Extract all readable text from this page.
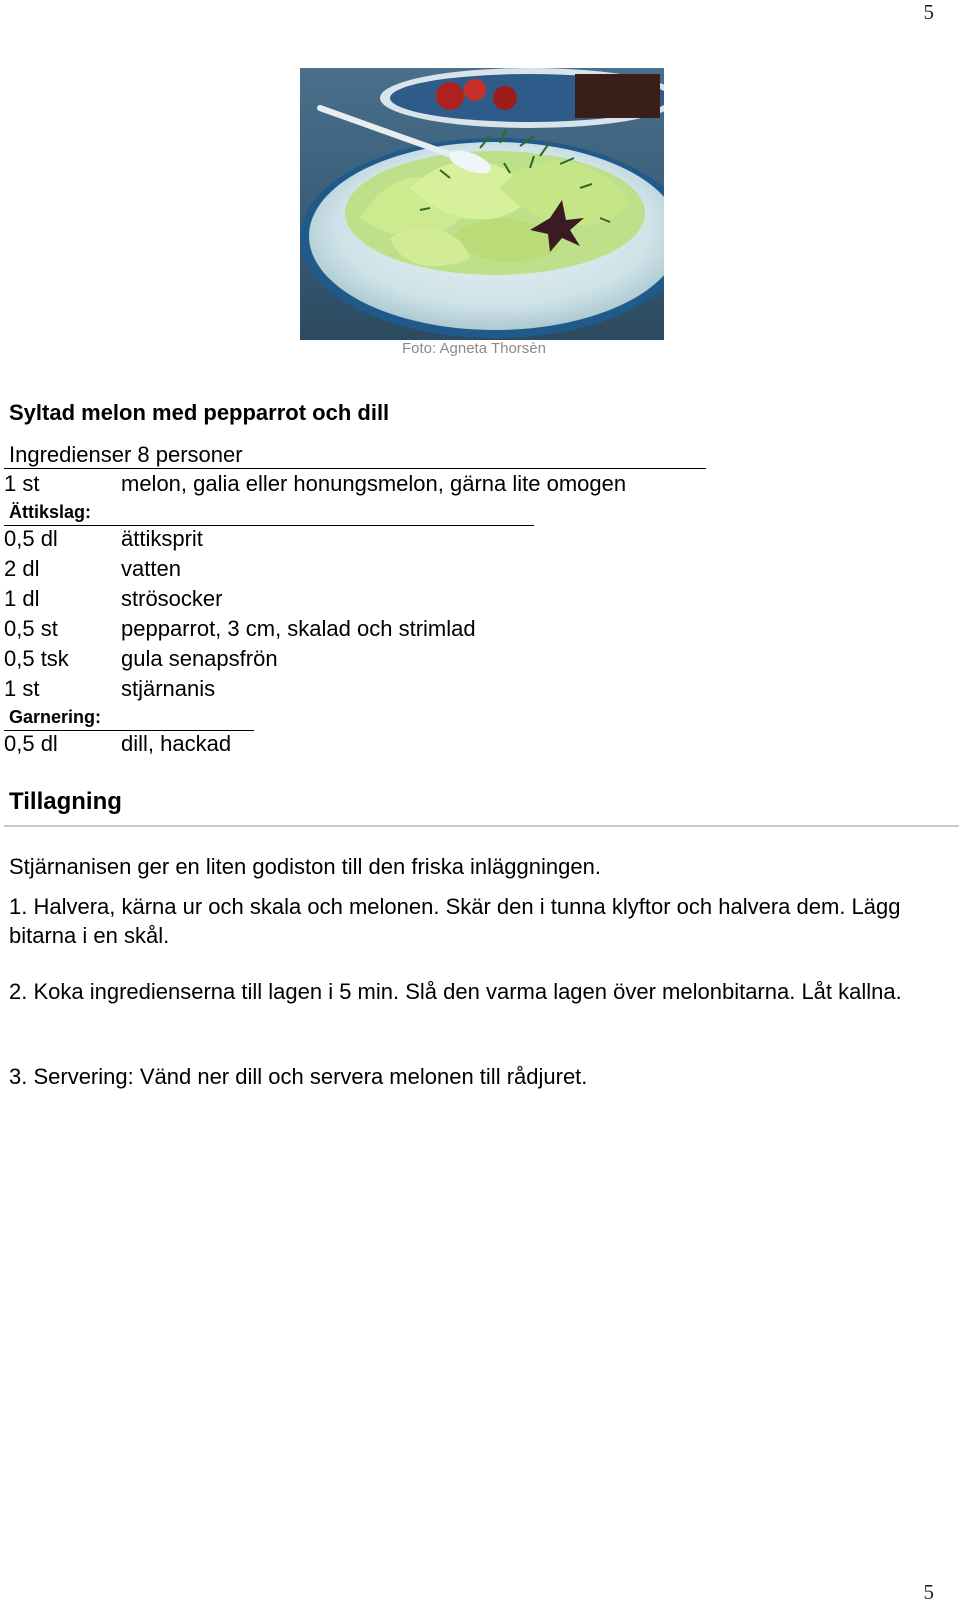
5
Foto: Agneta Thorsèn
Syltad melon med pepparrot och dill
Ingredienser 8 personer
1 st	melon, galia eller honungsmelon, gärna lite omogen
Ättikslag:
0,5 dl	ättiksprit
2 dl	vatten
1 dl	strösocker
0,5 st	pepparrot, 3 cm, skalad och strimlad
0,5 tsk gula senapsfrön
1 st	stjärnanis
Garnering:
0,5 dl	dill, hackad
Tillagning
Stjärnanisen ger en liten godiston till den friska inläggningen.
1. Halvera, kärna ur och skala och melonen. Skär den i tunna klyftor och halvera dem. Lägg bitarna i en skål.
2. Koka ingredienserna till lagen i 5 min. Slå den varma lagen över melonbitarna. Låt kallna.
3. Servering: Vänd ner dill och servera melonen till rådjuret.
5
